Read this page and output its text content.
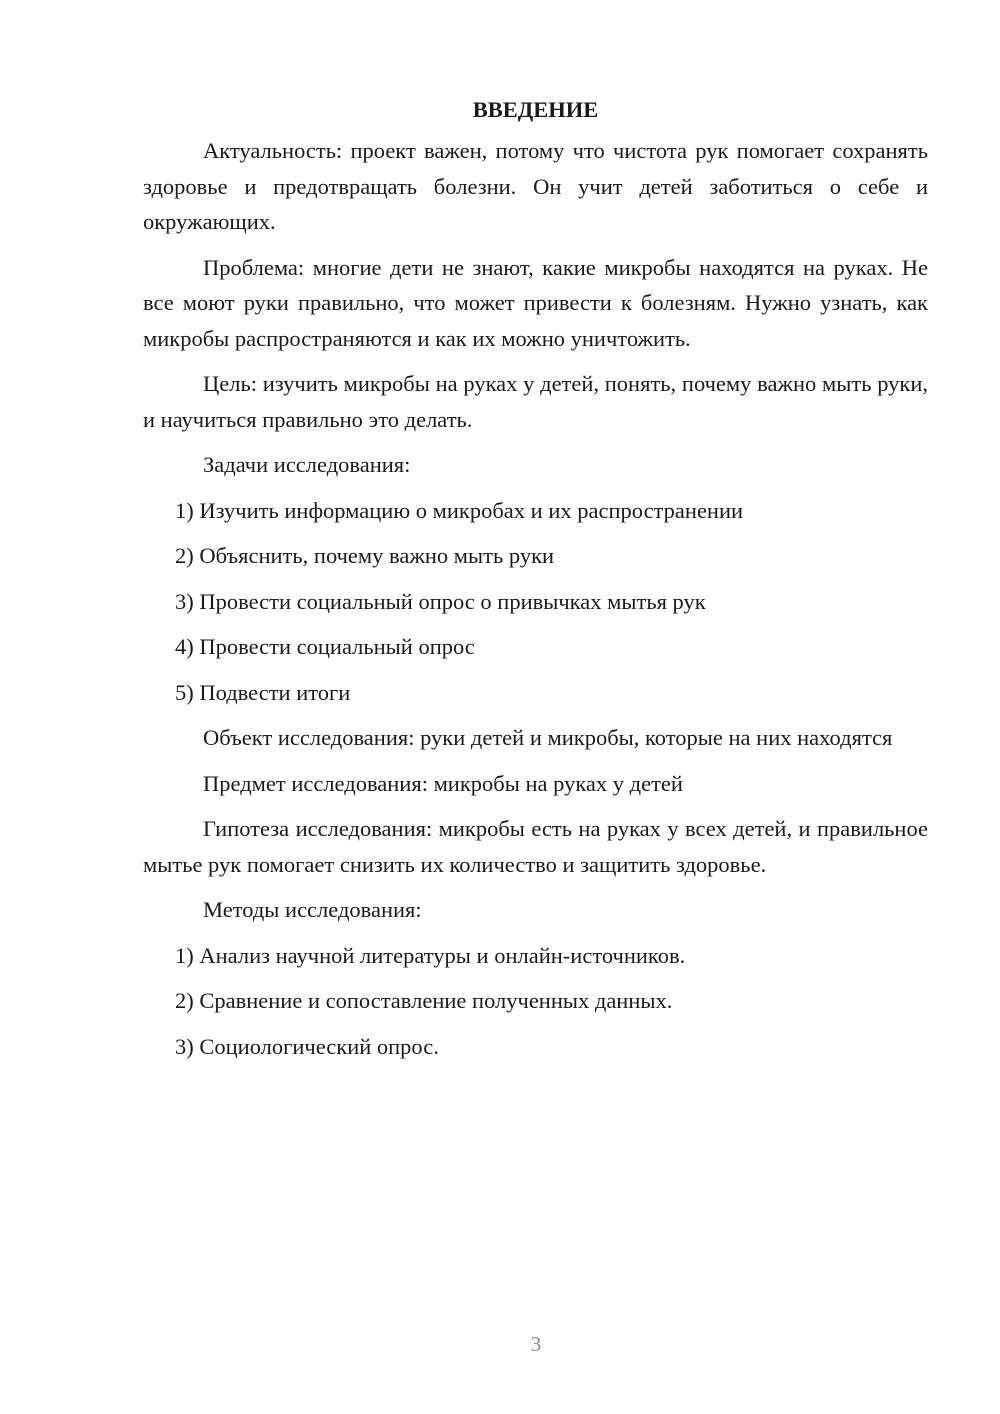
ВВЕДЕНИЕ

Актуальность: проект важен, потому что чистота рук помогает сохранять здоровье и предотвращать болезни. Он учит детей заботиться о себе и окружающих.

Проблема: многие дети не знают, какие микробы находятся на руках. Не все моют руки правильно, что может привести к болезням. Нужно узнать, как микробы распространяются и как их можно уничтожить.

Цель: изучить микробы на руках у детей, понять, почему важно мыть руки, и научиться правильно это делать.

Задачи исследования:

1) Изучить информацию о микробах и их распространении

2) Объяснить, почему важно мыть руки

3) Провести социальный опрос о привычках мытья рук

4) Провести социальный опрос

5) Подвести итоги

Объект исследования: руки детей и микробы, которые на них находятся

Предмет исследования: микробы на руках у детей

Гипотеза исследования: микробы есть на руках у всех детей, и правильное мытье рук помогает снизить их количество и защитить здоровье.

Методы исследования:

1) Анализ научной литературы и онлайн-источников.

2) Сравнение и сопоставление полученных данных.

3) Социологический опрос.

3
